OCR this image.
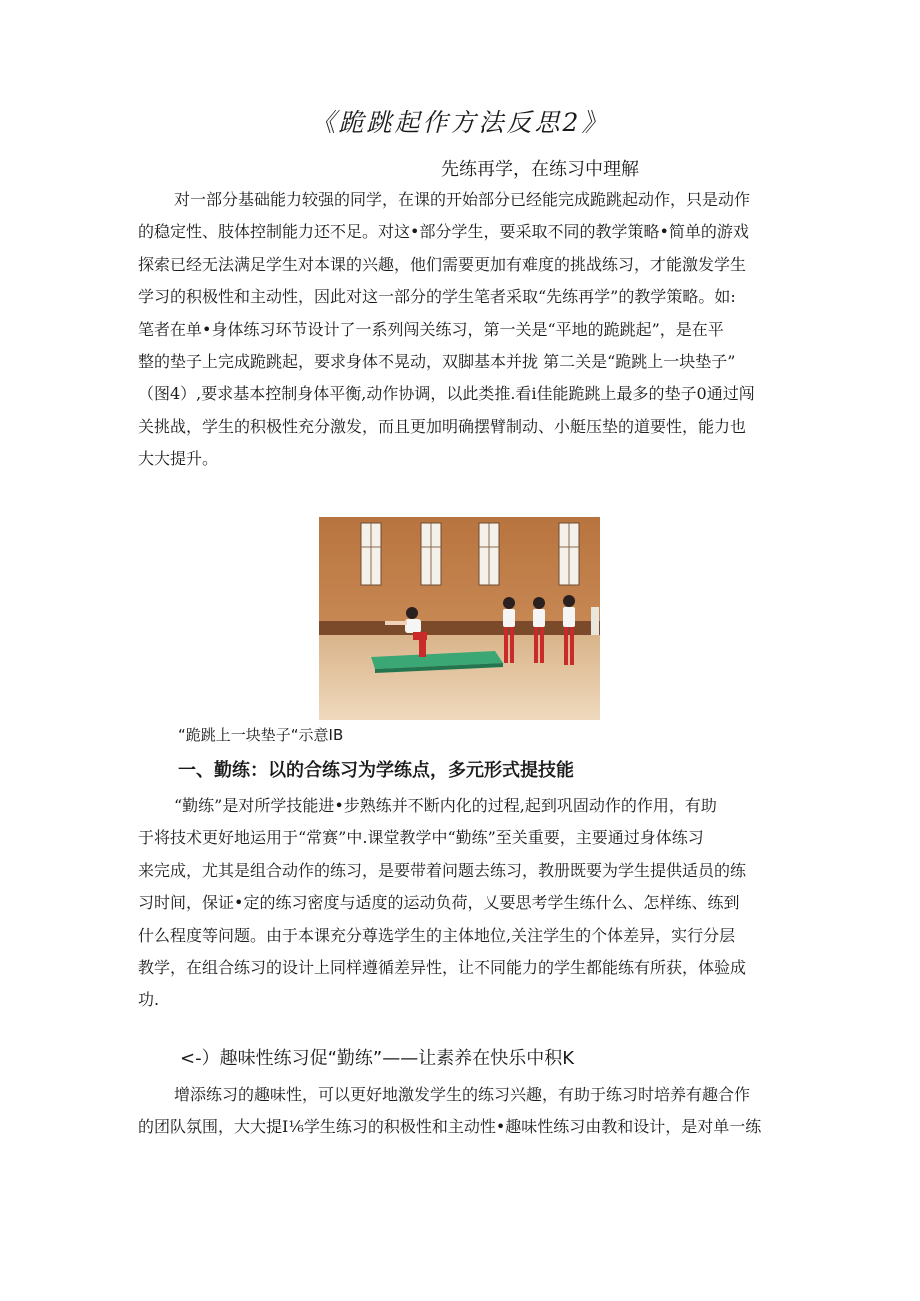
《跪跳起作方法反思2》
先练再学，在练习中理解
对一部分基础能力较强的同学，在课的开始部分已经能完成跪跳起动作，只是动作
的稳定性、肢体控制能力还不足。对这•部分学生，要采取不同的教学策略•简单的游戏
探索已经无法满足学生对本课的兴趣，他们需要更加有难度的挑战练习，才能激发学生
学习的积极性和主动性，因此对这一部分的学生笔者采取“先练再学”的教学策略。如:
笔者在单•身体练习环节设计了一系列闯关练习，第一关是“平地的跪跳起”，是在平
整的垫子上完成跪跳起，要求身体不晃动，双脚基本并拢 第二关是“跪跳上一块垫子”
（图4）,要求基本控制身体平衡,动作协调，以此类推.看i佳能跪跳上最多的垫子0通过闯
关挑战，学生的积极性充分激发，而且更加明确摆臂制动、小艇压垫的道要性，能力也
大大提升。
“跪跳上一块垫子“示意IB
一、勤练：以的合练习为学练点，多元形式提技能
“勤练”是对所学技能进•步熟练并不断内化的过程,起到巩固动作的作用，有助
于将技术更好地运用于“常赛”中.课堂教学中“勤练”至关重要，主要通过身体练习
来完成，尤其是组合动作的练习，是要带着问题去练习，教册既要为学生提供适员的练
习时间，保证•定的练习密度与适度的运动负荷，乂要思考学生练什么、怎样练、练到
什么程度等问题。由于本课充分尊选学生的主体地位,关注学生的个体差异，实行分层
教学，在组合练习的设计上同样遵循差异性，让不同能力的学生都能练有所获，体验成
功.
<-）趣味性练习促“勤练”——让素养在快乐中积K
增添练习的趣味性，可以更好地激发学生的练习兴趣，有助于练习时培养有趣合作
的团队氛围，大大提I⅙学生练习的积极性和主动性•趣味性练习由教和设计，是对单一练
